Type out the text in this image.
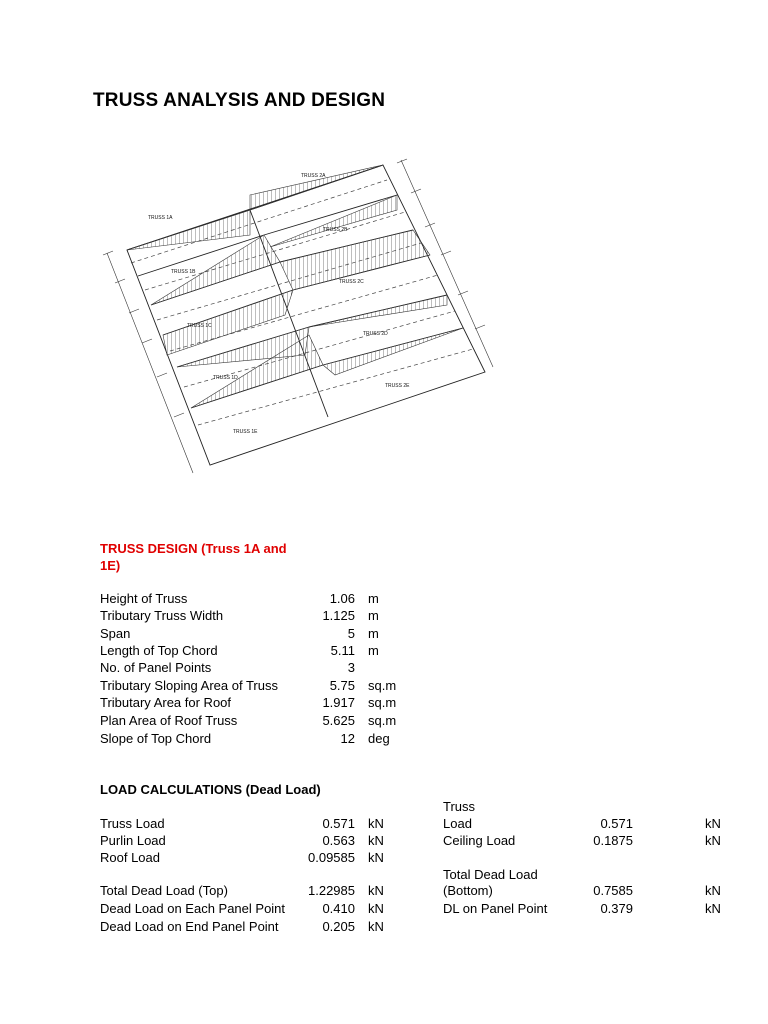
TRUSS ANALYSIS AND DESIGN
TRUSS 1A
TRUSS 1B
TRUSS 1C
TRUSS 1D
TRUSS 1E
TRUSS 2A
TRUSS 2B
TRUSS 2C
TRUSS 2D
TRUSS 2E
TRUSS DESIGN (Truss 1A and 1E)
Height of Truss	1.06 m
Tributary Truss Width	1.125 m
Span	5 m
Length of Top Chord	5.11 m
No. of Panel Points	3
Tributary Sloping Area of Truss	5.75 sq.m
Tributary Area for Roof	1.917 sq.m
Plan Area of Roof Truss	5.625 sq.m
Slope of Top Chord	12 deg
LOAD CALCULATIONS (Dead Load)
Truss Load	0.571 kN
Purlin Load	0.563 kN
Roof Load	0.09585 kN
Total Dead Load (Top)	1.22985 kN
Dead Load on Each Panel Point	0.410 kN
Dead Load on End Panel Point	0.205 kN
Truss
Load	0.571	kN
Ceiling Load	0.1875	kN
Total Dead Load
(Bottom)	0.7585	kN
DL on Panel Point	0.379	kN
